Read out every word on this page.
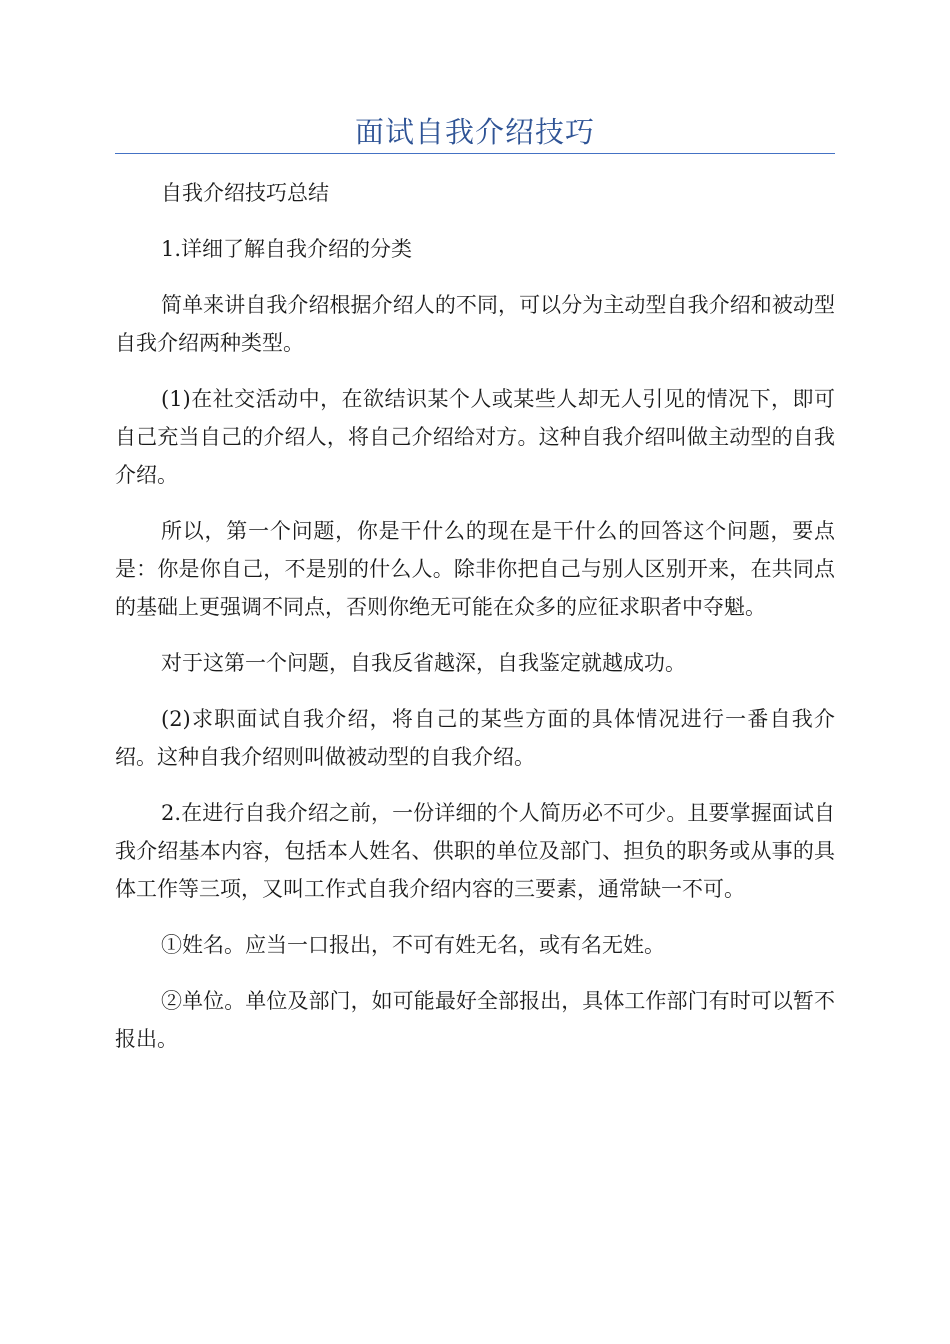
面试自我介绍技巧

自我介绍技巧总结

1.详细了解自我介绍的分类

简单来讲自我介绍根据介绍人的不同，可以分为主动型自我介绍和被动型自我介绍两种类型。

(1)在社交活动中，在欲结识某个人或某些人却无人引见的情况下，即可自己充当自己的介绍人，将自己介绍给对方。这种自我介绍叫做主动型的自我介绍。

所以，第一个问题，你是干什么的现在是干什么的回答这个问题，要点是：你是你自己，不是别的什么人。除非你把自己与别人区别开来，在共同点的基础上更强调不同点，否则你绝无可能在众多的应征求职者中夺魁。

对于这第一个问题，自我反省越深，自我鉴定就越成功。

(2)求职面试自我介绍，将自己的某些方面的具体情况进行一番自我介绍。这种自我介绍则叫做被动型的自我介绍。

2.在进行自我介绍之前，一份详细的个人简历必不可少。且要掌握面试自我介绍基本内容，包括本人姓名、供职的单位及部门、担负的职务或从事的具体工作等三项，又叫工作式自我介绍内容的三要素，通常缺一不可。

①姓名。应当一口报出，不可有姓无名，或有名无姓。

②单位。单位及部门，如可能最好全部报出，具体工作部门有时可以暂不报出。
